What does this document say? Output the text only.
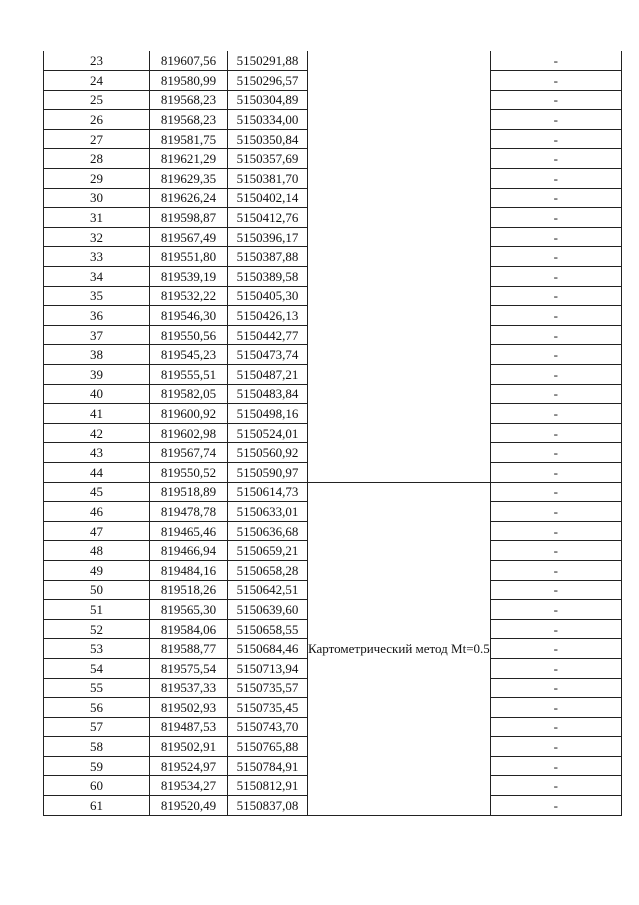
23	819607,56	5150291,88		-
24	819580,99	5150296,57		-
25	819568,23	5150304,89		-
26	819568,23	5150334,00		-
27	819581,75	5150350,84		-
28	819621,29	5150357,69		-
29	819629,35	5150381,70		-
30	819626,24	5150402,14		-
31	819598,87	5150412,76		-
32	819567,49	5150396,17		-
33	819551,80	5150387,88		-
34	819539,19	5150389,58		-
35	819532,22	5150405,30		-
36	819546,30	5150426,13		-
37	819550,56	5150442,77		-
38	819545,23	5150473,74		-
39	819555,51	5150487,21		-
40	819582,05	5150483,84		-
41	819600,92	5150498,16		-
42	819602,98	5150524,01		-
43	819567,74	5150560,92		-
44	819550,52	5150590,97		-
45	819518,89	5150614,73	Картометрический метод Mt=0.5	-
46	819478,78	5150633,01		-
47	819465,46	5150636,68		-
48	819466,94	5150659,21		-
49	819484,16	5150658,28		-
50	819518,26	5150642,51		-
51	819565,30	5150639,60		-
52	819584,06	5150658,55		-
53	819588,77	5150684,46		-
54	819575,54	5150713,94		-
55	819537,33	5150735,57		-
56	819502,93	5150735,45		-
57	819487,53	5150743,70		-
58	819502,91	5150765,88		-
59	819524,97	5150784,91		-
60	819534,27	5150812,91		-
61	819520,49	5150837,08		-
